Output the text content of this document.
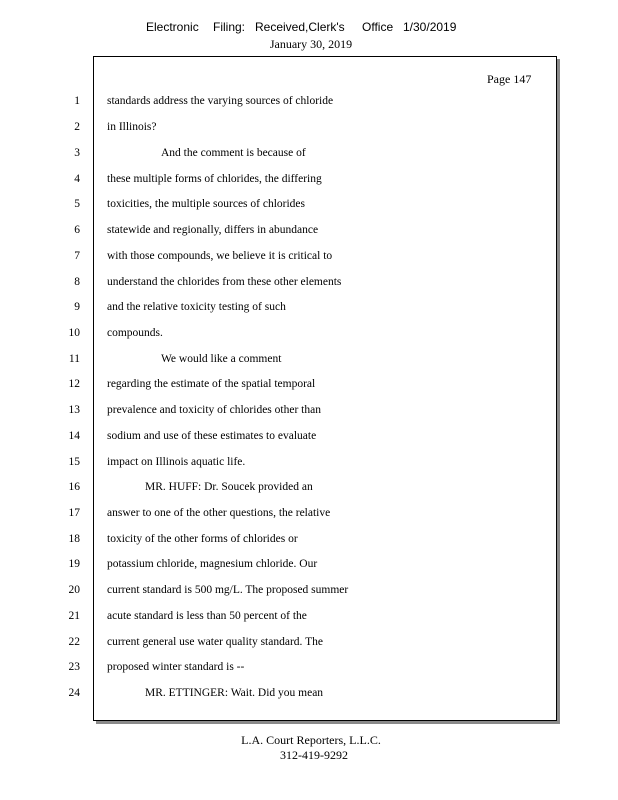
Electronic Filing: Received,Clerk's Office 1/30/2019
January 30, 2019
Page 147
1
2
3
4
5
6
7
8
9
10
11
12
13
14
15
16
17
18
19
20
21
22
23
24
standards address the varying sources of chloride
in Illinois?
And the comment is because of
these multiple forms of chlorides, the differing
toxicities, the multiple sources of chlorides
statewide and regionally, differs in abundance
with those compounds, we believe it is critical to
understand the chlorides from these other elements
and the relative toxicity testing of such
compounds.
We would like a comment
regarding the estimate of the spatial temporal
prevalence and toxicity of chlorides other than
sodium and use of these estimates to evaluate
impact on Illinois aquatic life.
MR. HUFF: Dr. Soucek provided an
answer to one of the other questions, the relative
toxicity of the other forms of chlorides or
potassium chloride, magnesium chloride. Our
current standard is 500 mg/L. The proposed summer
acute standard is less than 50 percent of the
current general use water quality standard. The
proposed winter standard is --
MR. ETTINGER: Wait. Did you mean
L.A. Court Reporters, L.L.C.
312-419-9292
